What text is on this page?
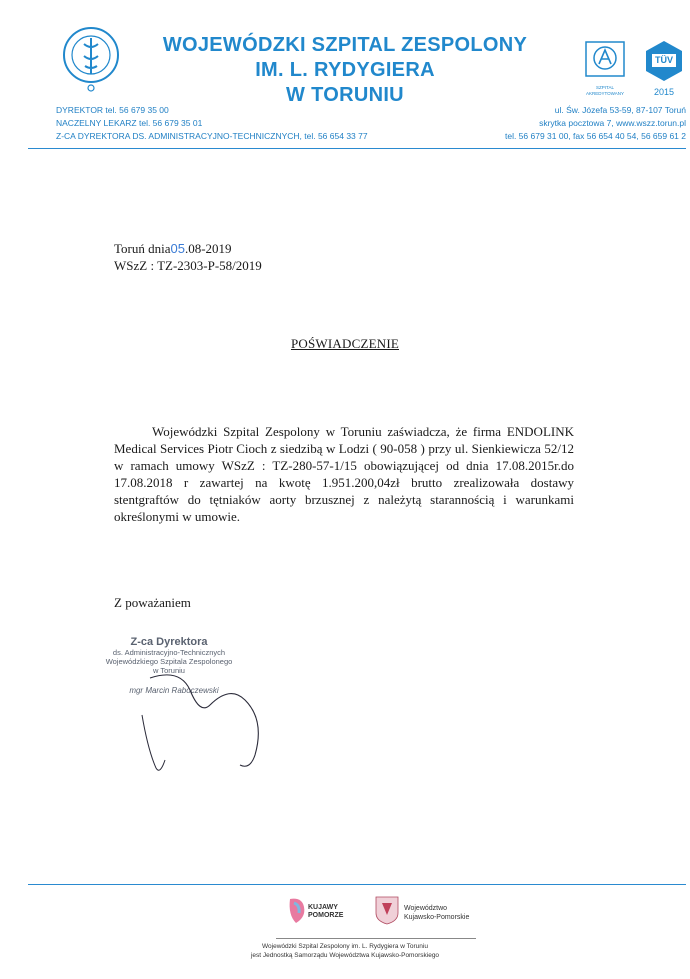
WOJEWÓDZKI SZPITAL ZESPOLONY
IM. L. RYDYGIERA
W TORUNIU	SZPITAL AKREDYTOWANY
TÜV
2015
DYREKTOR tel. 56 679 35 00
NACZELNY LEKARZ tel. 56 679 35 01
Z-CA DYREKTORA DS. ADMINISTRACYJNO-TECHNICZNYCH, tel. 56 654 33 77
ul. Św. Józefa 53-59, 87-107 Toruń
skrytka pocztowa 7, www.wszz.torun.pl
tel. 56 679 31 00, fax 56 654 40 54, 56 659 61 2
Toruń dnia05.08-2019
WSzZ : TZ-2303-P-58/2019
POŚWIADCZENIE
Wojewódzki Szpital Zespolony w Toruniu zaświadcza, że firma ENDOLINK Medical Services Piotr Cioch z siedzibą w Lodzi ( 90-058 ) przy ul. Sienkiewicza 52/12 w ramach umowy WSzZ : TZ-280-57-1/15 obowiązującej od dnia 17.08.2015r.do 17.08.2018 r zawartej na kwotę 1.951.200,04zł brutto zrealizowała dostawy stentgraftów do tętniaków aorty brzusznej z należytą starannością i warunkami określonymi w umowie.
Z poważaniem
Z-ca Dyrektora
ds. Administracyjno-Technicznych
Wojewódzkiego Szpitala Zespolonego
w Toruniu
mgr Marcin Raboczewski
KUJAWY POMORZE
Województwo
Kujawsko-Pomorskie
Wojewódzki Szpital Zespolony im. L. Rydygiera w Toruniu
jest Jednostką Samorządu Województwa Kujawsko-Pomorskiego
